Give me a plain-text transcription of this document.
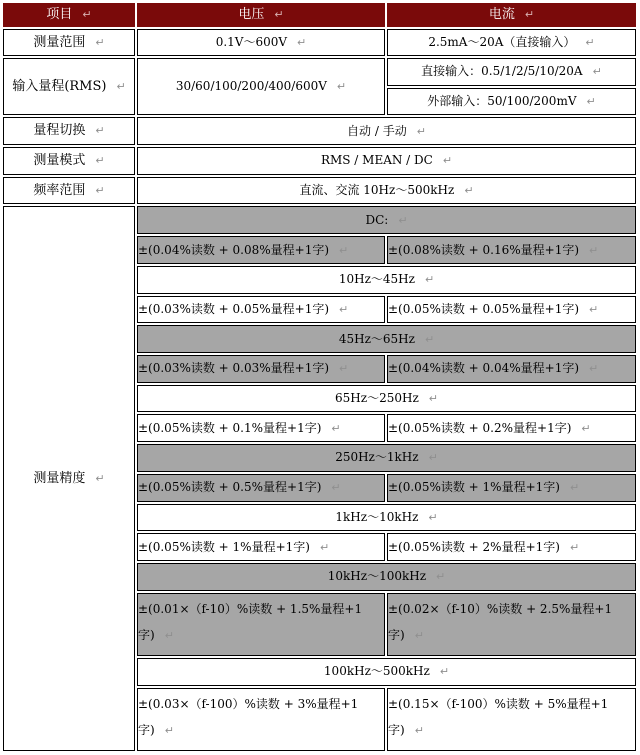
项目 ↵	电压 ↵	电流 ↵
测量范围 ↵	0.1V～600V ↵	2.5mA～20A（直接输入） ↵
输入量程(RMS) ↵	30/60/100/200/400/600V ↵	直接输入：0.5/1/2/5/10/20A ↵
		外部输入：50/100/200mV ↵
量程切换 ↵	自动 / 手动 ↵	
测量模式 ↵	RMS / MEAN / DC ↵	
频率范围 ↵	直流、交流 10Hz～500kHz ↵	
测量精度 ↵	DC: ↵	
	±(0.04%读数 + 0.08%量程+1字) ↵	±(0.08%读数 + 0.16%量程+1字) ↵
	10Hz～45Hz ↵	
	±(0.03%读数 + 0.05%量程+1字) ↵	±(0.05%读数 + 0.05%量程+1字) ↵
	45Hz～65Hz ↵	
	±(0.03%读数 + 0.03%量程+1字) ↵	±(0.04%读数 + 0.04%量程+1字) ↵
	65Hz～250Hz ↵	
	±(0.05%读数 + 0.1%量程+1字) ↵	±(0.05%读数 + 0.2%量程+1字) ↵
	250Hz～1kHz ↵	
	±(0.05%读数 + 0.5%量程+1字) ↵	±(0.05%读数 + 1%量程+1字) ↵
	1kHz～10kHz ↵	
	±(0.05%读数 + 1%量程+1字) ↵	±(0.05%读数 + 2%量程+1字) ↵
	10kHz～100kHz ↵	
	±(0.01×（f-10）%读数 + 1.5%量程+1字) ↵	±(0.02×（f-10）%读数 + 2.5%量程+1字) ↵
	100kHz～500kHz ↵	
	±(0.03×（f-100）%读数 + 3%量程+1字) ↵	±(0.15×（f-100）%读数 + 5%量程+1字) ↵
